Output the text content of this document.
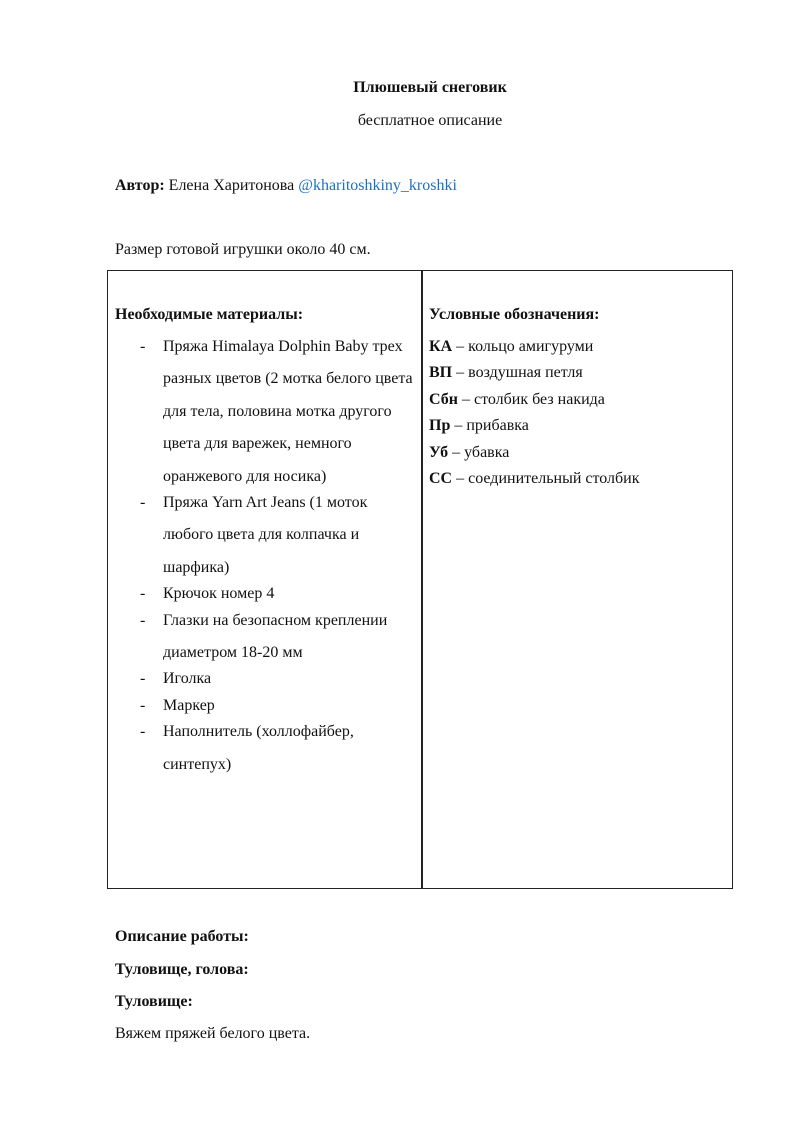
Плюшевый снеговик
бесплатное описание
Автор: Елена Харитонова @kharitoshkiny_kroshki
Размер готовой игрушки около 40 см.
Необходимые материалы:
- Пряжа Himalaya Dolphin Baby трех разных цветов (2 мотка белого цвета для тела, половина мотка другого цвета для варежек, немного оранжевого для носика)
- Пряжа Yarn Art Jeans (1 моток любого цвета для колпачка и шарфика)
- Крючок номер 4
- Глазки на безопасном креплении диаметром 18-20 мм
- Иголка
- Маркер
- Наполнитель (холлофайбер, синтепух)
Условные обозначения:
КА – кольцо амигуруми
ВП – воздушная петля
Сбн – столбик без накида
Пр – прибавка
Уб – убавка
СС – соединительный столбик
Описание работы:
Туловище, голова:
Туловище:
Вяжем пряжей белого цвета.
